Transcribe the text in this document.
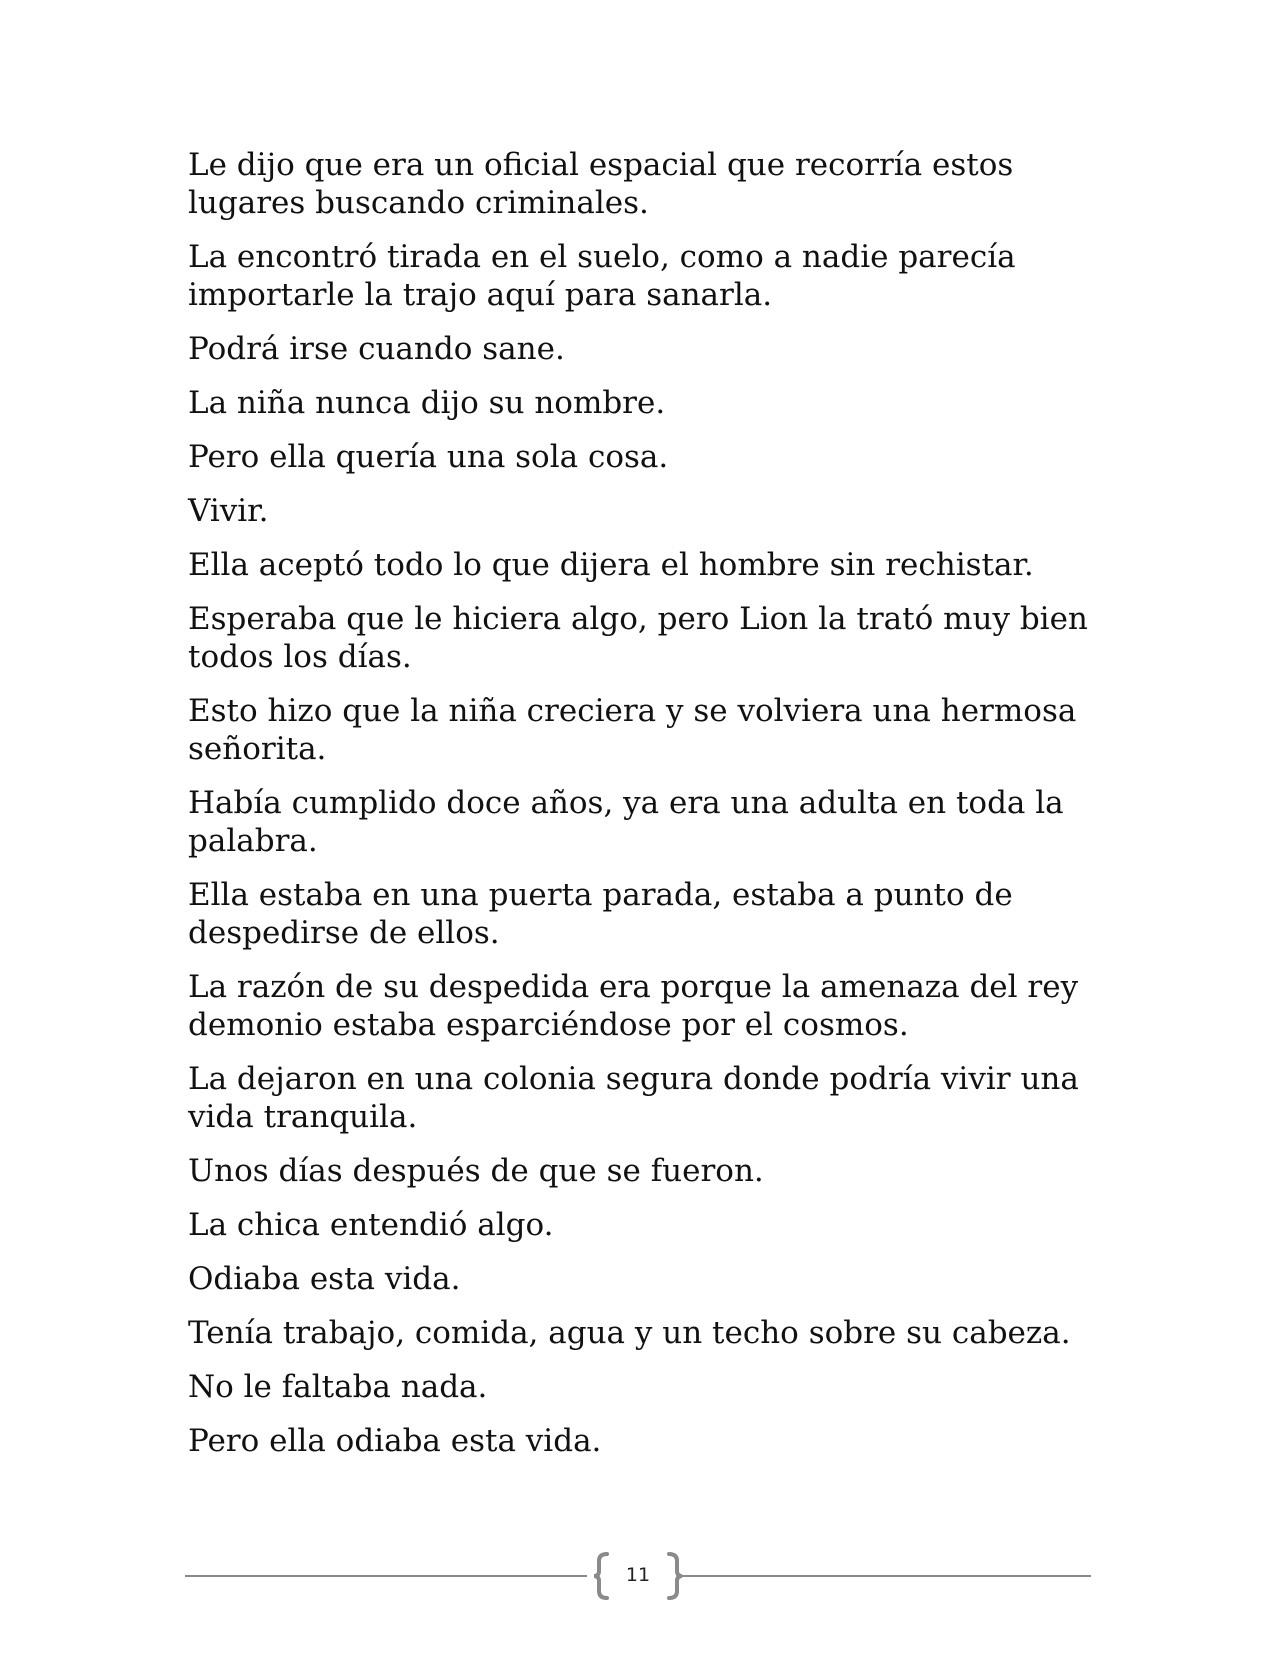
Le dijo que era un oficial espacial que recorría estos lugares buscando criminales.

La encontró tirada en el suelo, como a nadie parecía importarle la trajo aquí para sanarla.

Podrá irse cuando sane.

La niña nunca dijo su nombre.

Pero ella quería una sola cosa.

Vivir.

Ella aceptó todo lo que dijera el hombre sin rechistar.

Esperaba que le hiciera algo, pero Lion la trató muy bien todos los días.

Esto hizo que la niña creciera y se volviera una hermosa señorita.

Había cumplido doce años, ya era una adulta en toda la palabra.

Ella estaba en una puerta parada, estaba a punto de despedirse de ellos.

La razón de su despedida era porque la amenaza del rey demonio estaba esparciéndose por el cosmos.

La dejaron en una colonia segura donde podría vivir una vida tranquila.

Unos días después de que se fueron.

La chica entendió algo.

Odiaba esta vida.

Tenía trabajo, comida, agua y un techo sobre su cabeza.

No le faltaba nada.

Pero ella odiaba esta vida.

11
